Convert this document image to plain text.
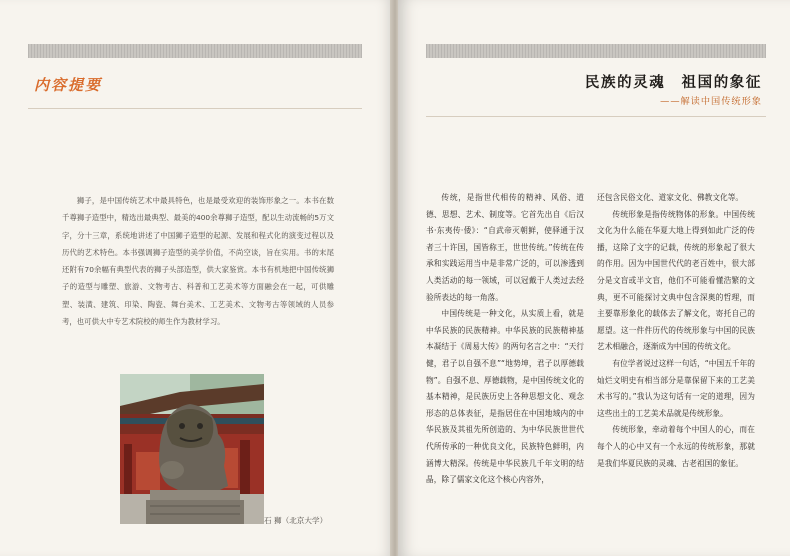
内容提要

狮子，是中国传统艺术中最具特色，也是最受欢迎的装饰形象之一。本书在数千尊狮子造型中，精选出最典型、最美的400余尊狮子造型，配以生动流畅的5万文字，分十三章，系统地讲述了中国狮子造型的起源、发展和程式化的演变过程以及历代的艺术特色。本书强调狮子造型的美学价值，不尚空谈，旨在实用。书的末尾还附有70余幅有典型代表的狮子头部造型，供大家鉴赏。本书有机地把中国传统狮子的造型与雕塑、旅游、文物考古、科普和工艺美术等方面融会在一起，可供雕塑、装潢、建筑、印染、陶瓷、舞台美术、工艺美术、文物考古等领域的人员参考，也可供大中专艺术院校的师生作为教材学习。

石 狮（北京大学）
民族的灵魂　祖国的象征
——解读中国传统形象

传统，是指世代相传的精神、风俗、道德、思想、艺术、制度等。它首先出自《后汉书·东夷传·倭》：“自武帝灭朝鲜，使驿通于汉者三十许国，国皆称王，世世传统。”传统在传承和实践运用当中是非常广泛的，可以渗透到人类活动的每一领域，可以冠戴于人类过去经验所表达的每一角落。

中国传统是一种文化，从实质上看，就是中华民族的民族精神。中华民族的民族精神基本凝结于《周易大传》的两句名言之中：“天行健，君子以自强不息”“地势坤，君子以厚德载物”。自强不息、厚德载物，是中国传统文化的基本精神，是民族历史上各种思想文化、观念形态的总体表征，是指居住在中国地域内的中华民族及其祖先所创造的、为中华民族世世代代所传承的一种优良文化，民族特色鲜明，内涵博大精深。传统是中华民族几千年文明的结晶，除了儒家文化这个核心内容外，

还包含民俗文化、道家文化、佛教文化等。

传统形象是指传统物体的形象。中国传统文化为什么能在华夏大地上得到如此广泛的传播，这除了文字的记载，传统的形象起了很大的作用。因为中国世代代的老百姓中，很大部分是文盲或半文盲，他们不可能看懂浩繁的文典，更不可能探讨文典中包含深奥的哲理，而主要靠形象化的载体去了解文化，寄托自己的愿望。这一件件历代的传统形象与中国的民族艺术相融合，逐渐成为中国的传统文化。

有位学者说过这样一句话，“中国五千年的灿烂文明史有相当部分是靠保留下来的工艺美术书写的。”我认为这句话有一定的道理，因为这些出土的工艺美术品就是传统形象。

传统形象，牵动着每个中国人的心，而在每个人的心中又有一个永远的传统形象，那就是我们华夏民族的灵魂、古老祖国的象征。
